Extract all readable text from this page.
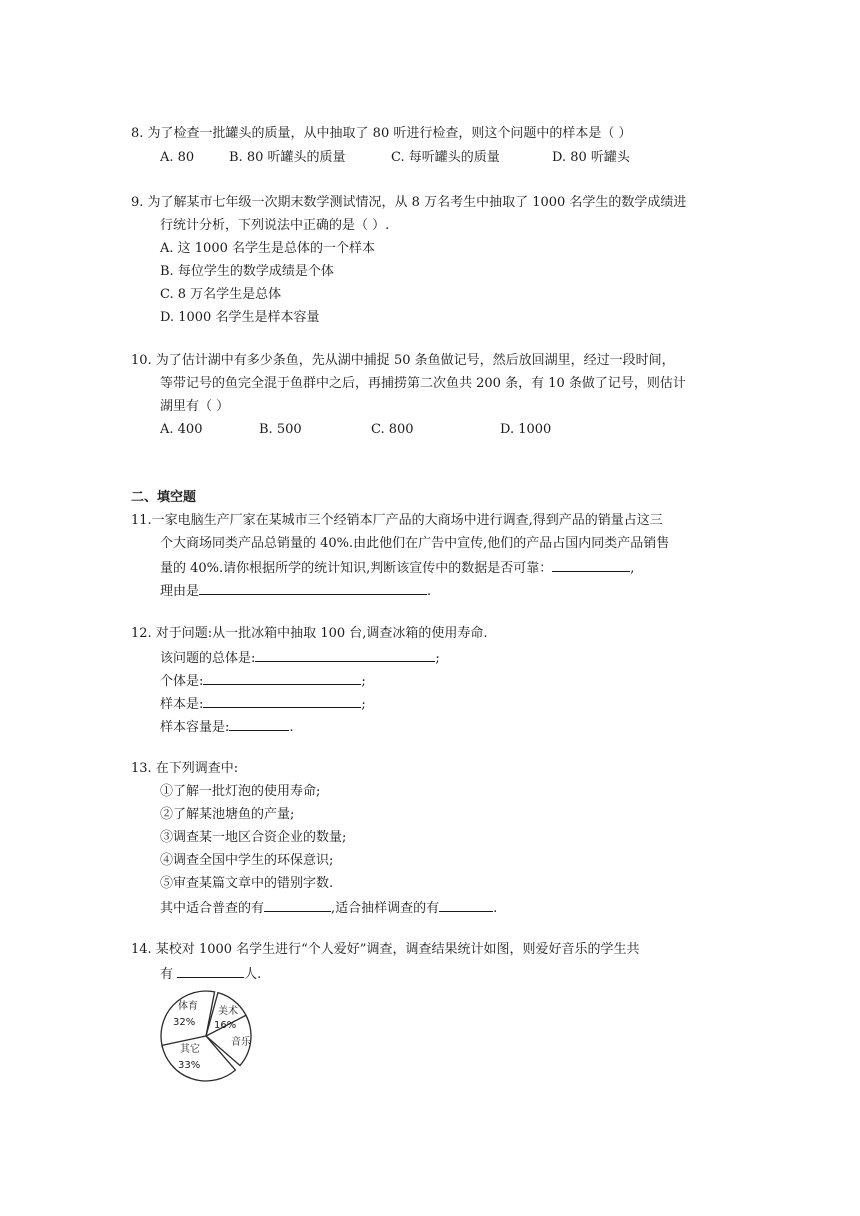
8. 为了检查一批罐头的质量，从中抽取了 80 听进行检查，则这个问题中的样本是（ ）
A. 80	B. 80 听罐头的质量	C. 每听罐头的质量	D. 80 听罐头
9. 为了解某市七年级一次期末数学测试情况，从 8 万名考生中抽取了 1000 名学生的数学成绩进
行统计分析，下列说法中正确的是（ ）.
A. 这 1000 名学生是总体的一个样本
B. 每位学生的数学成绩是个体
C. 8 万名学生是总体
D. 1000 名学生是样本容量
10. 为了估计湖中有多少条鱼，先从湖中捕捉 50 条鱼做记号，然后放回湖里，经过一段时间，
等带记号的鱼完全混于鱼群中之后，再捕捞第二次鱼共 200 条，有 10 条做了记号，则估计
湖里有（ ）
A. 400	B. 500	C. 800	D. 1000
二、填空题
11.一家电脑生产厂家在某城市三个经销本厂产品的大商场中进行调查,得到产品的销量占这三
个大商场同类产品总销量的 40%.由此他们在广告中宣传,他们的产品占国内同类产品销售
量的 40%.请你根据所学的统计知识,判断该宣传中的数据是否可靠：	,
理由是	.
12. 对于问题:从一批冰箱中抽取 100 台,调查冰箱的使用寿命.
该问题的总体是:	;
个体是:	;
样本是:	;
样本容量是:	.
13. 在下列调查中:
①了解一批灯泡的使用寿命;
②了解某池塘鱼的产量;
③调查某一地区合资企业的数量;
④调查全国中学生的环保意识;
⑤审查某篇文章中的错别字数.
其中适合普查的有	,适合抽样调查的有	.
14. 某校对 1000 名学生进行“个人爱好”调查，调查结果统计如图，则爱好音乐的学生共
有	人.
体育
32%
美术
16%
音乐
其它
33%
